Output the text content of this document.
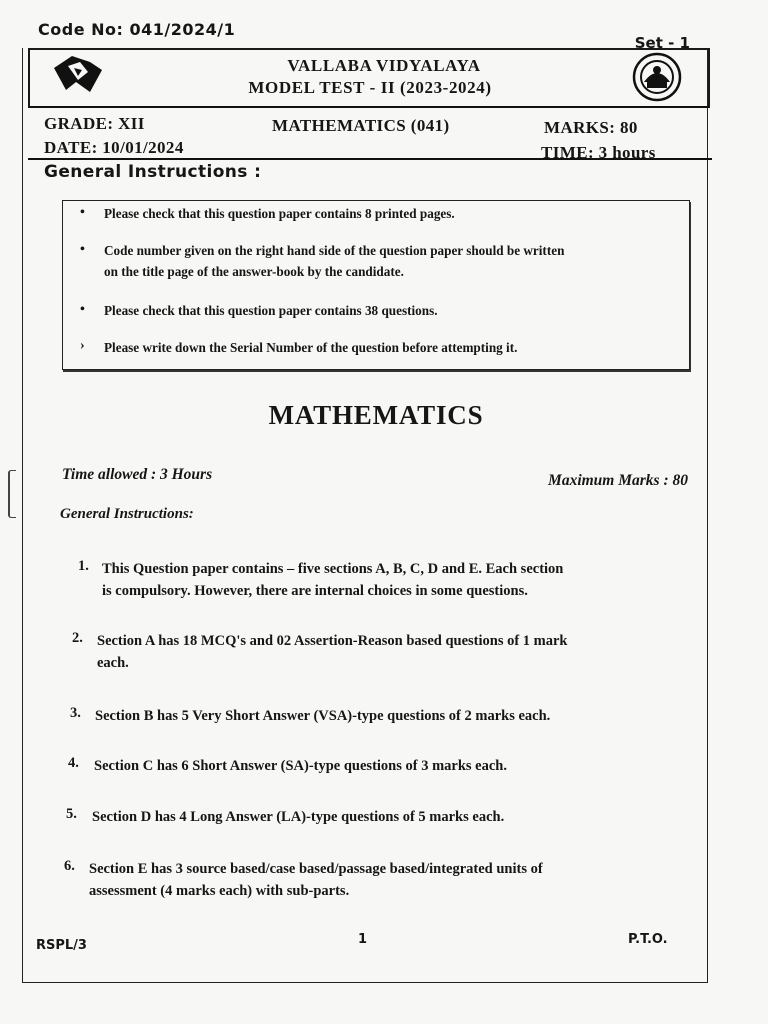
Code No: 041/2024/1
Set - 1
VALLABA VIDYALAYA
MODEL TEST - II (2023-2024)
GRADE: XII	MATHEMATICS (041)	MARKS: 80
DATE: 10/01/2024	TIME: 3 hours
General Instructions :
• Please check that this question paper contains 8 printed pages.
• Code number given on the right hand side of the question paper should be written
on the title page of the answer-book by the candidate.
• Please check that this question paper contains 38 questions.
› Please write down the Serial Number of the question before attempting it.
MATHEMATICS
Time allowed : 3 Hours	Maximum Marks : 80
General Instructions:
1. This Question paper contains – five sections A, B, C, D and E. Each section
is compulsory. However, there are internal choices in some questions.
2. Section A has 18 MCQ's and 02 Assertion-Reason based questions of 1 mark
each.
3. Section B has 5 Very Short Answer (VSA)-type questions of 2 marks each.
4. Section C has 6 Short Answer (SA)-type questions of 3 marks each.
5. Section D has 4 Long Answer (LA)-type questions of 5 marks each.
6. Section E has 3 source based/case based/passage based/integrated units of
assessment (4 marks each) with sub-parts.
RSPL/3	1	P.T.O.
